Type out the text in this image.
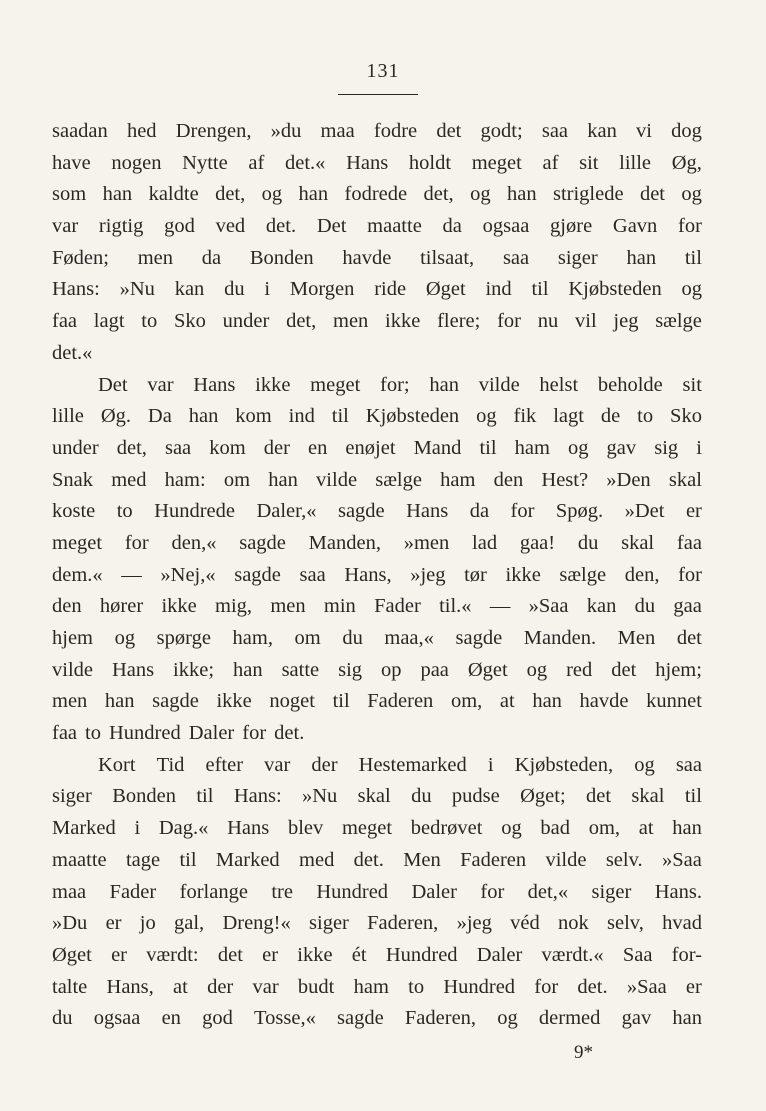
131
saadan hed Drengen, »du maa fodre det godt; saa kan vi dog
have nogen Nytte af det.« Hans holdt meget af sit lille Øg,
som han kaldte det, og han fodrede det, og han striglede det og
var rigtig god ved det. Det maatte da ogsaa gjøre Gavn for
Føden; men da Bonden havde tilsaat, saa siger han til
Hans: »Nu kan du i Morgen ride Øget ind til Kjøbsteden og
faa lagt to Sko under det, men ikke flere; for nu vil jeg sælge
det.«
Det var Hans ikke meget for; han vilde helst beholde sit
lille Øg. Da han kom ind til Kjøbsteden og fik lagt de to Sko
under det, saa kom der en enøjet Mand til ham og gav sig i
Snak med ham: om han vilde sælge ham den Hest? »Den skal
koste to Hundrede Daler,« sagde Hans da for Spøg. »Det er
meget for den,« sagde Manden, »men lad gaa! du skal faa
dem.« — »Nej,« sagde saa Hans, »jeg tør ikke sælge den, for
den hører ikke mig, men min Fader til.« — »Saa kan du gaa
hjem og spørge ham, om du maa,« sagde Manden. Men det
vilde Hans ikke; han satte sig op paa Øget og red det hjem;
men han sagde ikke noget til Faderen om, at han havde kunnet
faa to Hundred Daler for det.
Kort Tid efter var der Hestemarked i Kjøbsteden, og saa
siger Bonden til Hans: »Nu skal du pudse Øget; det skal til
Marked i Dag.« Hans blev meget bedrøvet og bad om, at han
maatte tage til Marked med det. Men Faderen vilde selv. »Saa
maa Fader forlange tre Hundred Daler for det,« siger Hans.
»Du er jo gal, Dreng!« siger Faderen, »jeg véd nok selv, hvad
Øget er værdt: det er ikke ét Hundred Daler værdt.« Saa for-
talte Hans, at der var budt ham to Hundred for det. »Saa er
du ogsaa en god Tosse,« sagde Faderen, og dermed gav han
9*
